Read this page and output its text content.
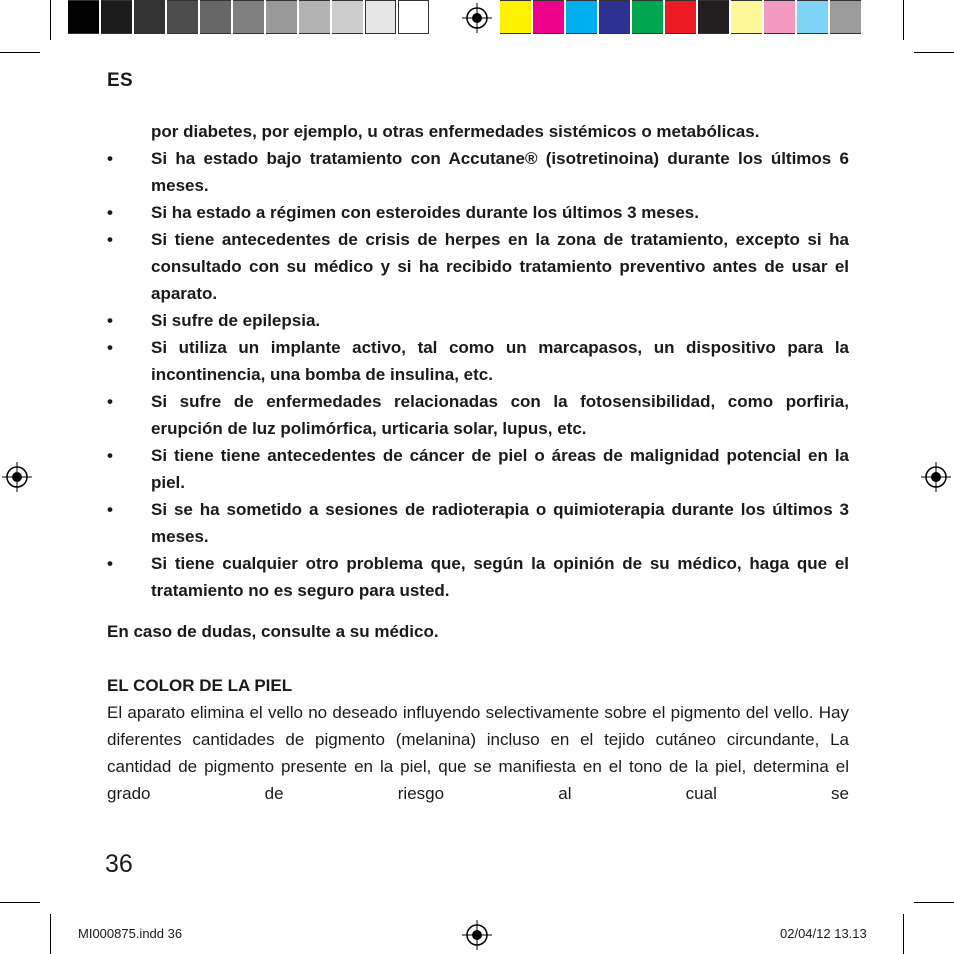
ES

por diabetes, por ejemplo, u otras enfermedades sistémicos o metabólicas.

• Si ha estado bajo tratamiento con Accutane® (isotretinoina) durante los últimos 6 meses.
• Si ha estado a régimen con esteroides durante los últimos 3 meses.
• Si tiene antecedentes de crisis de herpes en la zona de tratamiento, excepto si ha consultado con su médico y si ha recibido tratamiento preventivo antes de usar el aparato.
• Si sufre de epilepsia.
• Si utiliza un implante activo, tal como un marcapasos, un dispositivo para la incontinencia, una bomba de insulina, etc.
• Si sufre de enfermedades relacionadas con la fotosensibilidad, como porfiria, erupción de luz polimórfica, urticaria solar, lupus, etc.
• Si tiene tiene antecedentes de cáncer de piel o áreas de malignidad potencial en la piel.
• Si se ha sometido a sesiones de radioterapia o quimioterapia durante los últimos 3 meses.
• Si tiene cualquier otro problema que, según la opinión de su médico, haga que el tratamiento no es seguro para usted.

En caso de dudas, consulte a su médico.

EL COLOR DE LA PIEL

El aparato elimina el vello no deseado influyendo selectivamente sobre el pigmento del vello. Hay diferentes cantidades de pigmento (melanina) incluso en el tejido cutáneo circundante, La cantidad de pigmento presente en la piel, que se manifiesta en el tono de la piel, determina el grado de riesgo al cual se

36
MI000875.indd 36	02/04/12 13.13
